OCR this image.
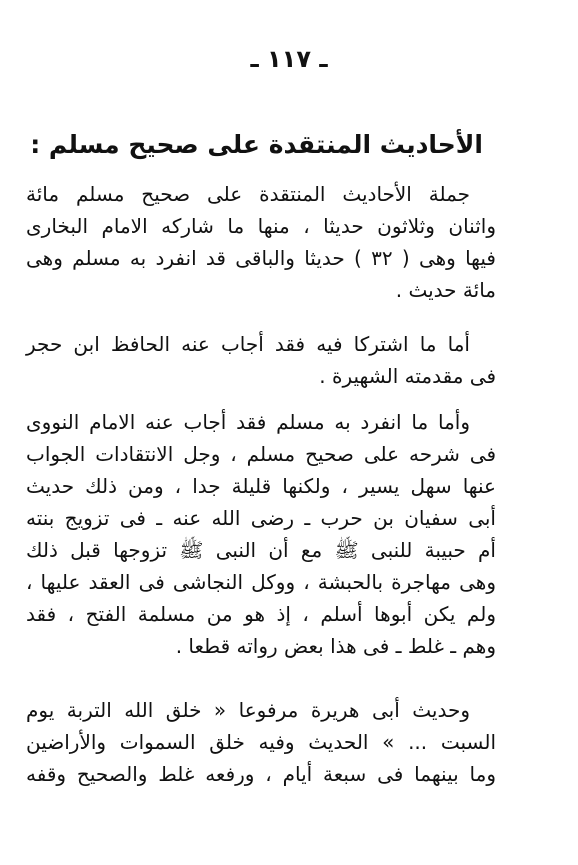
ـ ١١٧ ـ
الأحاديث المنتقدة على صحيح مسلم :
جملة الأحاديث المنتقدة على صحيح مسلم مائة
واثنان وثلاثون حديثا ، منها ما شاركه الامام البخارى
فيها وهى ( ٣٢ ) حديثا والباقى قد انفرد به مسلم وهى
مائة حديث .
أما ما اشتركا فيه فقد أجاب عنه الحافظ ابن حجر
فى مقدمته الشهيرة .
وأما ما انفرد به مسلم فقد أجاب عنه الامام النووى
فى شرحه على صحيح مسلم ، وجل الانتقادات الجواب
عنها سهل يسير ، ولكنها قليلة جدا ، ومن ذلك حديث
أبى سفيان بن حرب ـ رضى الله عنه ـ فى تزويج بنته
أم حبيبة للنبى ﷺ مع أن النبى ﷺ تزوجها قبل ذلك
وهى مهاجرة بالحبشة ، ووكل النجاشى فى العقد عليها ،
ولم يكن أبوها أسلم ، إذ هو من مسلمة الفتح ، فقد
وهم ـ غلط ـ فى هذا بعض رواته قطعا .
وحديث أبى هريرة مرفوعا « خلق الله التربة يوم
السبت ... » الحديث وفيه خلق السموات والأراضين
وما بينهما فى سبعة أيام ، ورفعه غلط والصحيح وقفه
